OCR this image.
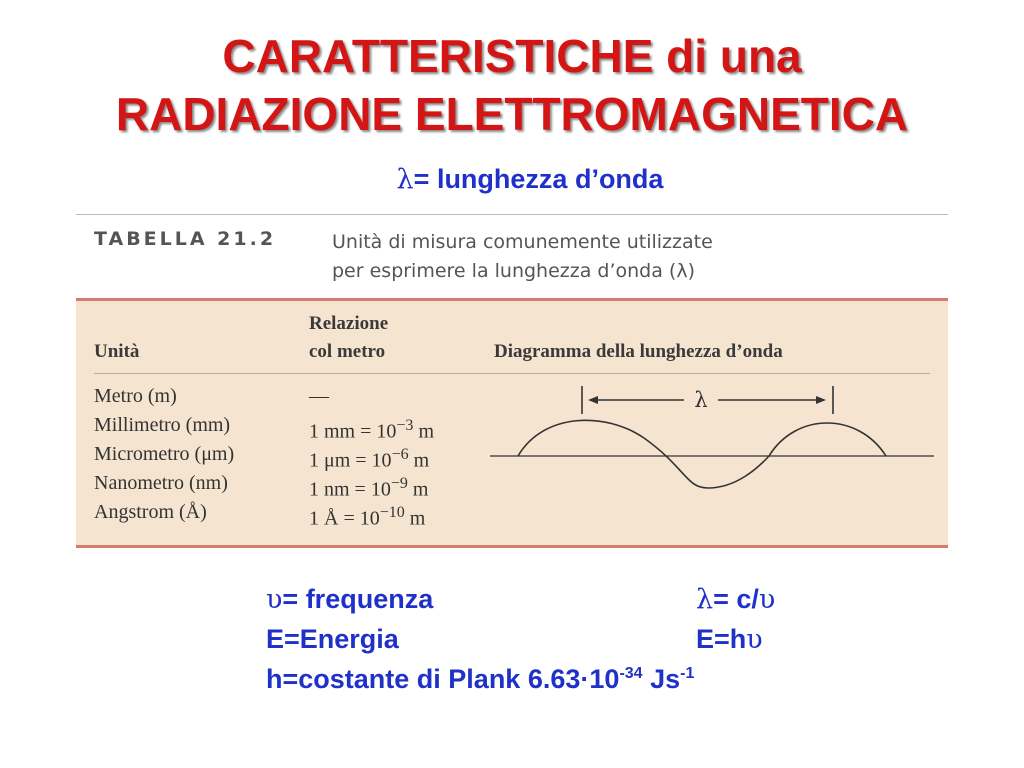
CARATTERISTICHE di una
RADIAZIONE ELETTROMAGNETICA
λ= lunghezza d’onda
TABELLA 21.2	Unità di misura comunemente utilizzate
per esprimere la lunghezza d’onda (λ)
Unità
Relazione
col metro	Diagramma della lunghezza d’onda
Metro (m)
Millimetro (mm)
Micrometro (μm)
Nanometro (nm)
Angstrom (Å)
—
1 mm = $10^{-3}$ m
1 $\mu m = 10^{-6}$ m
1 nm = $10^{-9}$ m
1 Å = $10^{-10}$ m
λ
υ= frequenza
E=Energia
h=costante di Plank $6.63\cdot 10^{-34}$ $Js^{-1}$
λ= c/υ
E=hυ
